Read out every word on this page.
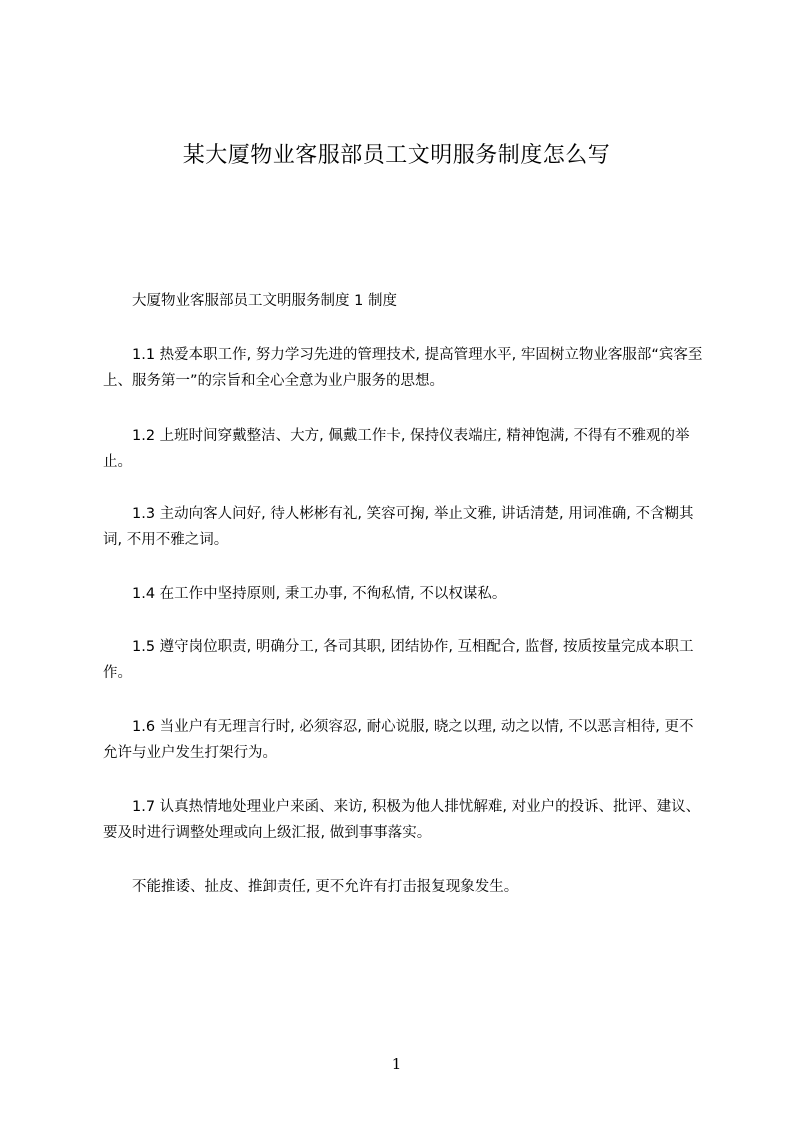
某大厦物业客服部员工文明服务制度怎么写
　　大厦物业客服部员工文明服务制度 1 制度
　　1.1 热爱本职工作, 努力学习先进的管理技术, 提高管理水平, 牢固树立物业客服部“宾客至上、服务第一”的宗旨和全心全意为业户服务的思想。
　　1.2 上班时间穿戴整洁、大方, 佩戴工作卡, 保持仪表端庄, 精神饱满, 不得有不雅观的举止。
　　1.3 主动向客人问好, 待人彬彬有礼, 笑容可掬, 举止文雅, 讲话清楚, 用词准确, 不含糊其词, 不用不雅之词。
　　1.4 在工作中坚持原则, 秉工办事, 不徇私情, 不以权谋私。
　　1.5 遵守岗位职责, 明确分工, 各司其职, 团结协作, 互相配合, 监督, 按质按量完成本职工作。
　　1.6 当业户有无理言行时, 必须容忍, 耐心说服, 晓之以理, 动之以情, 不以恶言相待, 更不允许与业户发生打架行为。
　　1.7 认真热情地处理业户来函、来访, 积极为他人排忧解难, 对业户的投诉、批评、建议、要及时进行调整处理或向上级汇报, 做到事事落实。
　　不能推诿、扯皮、推卸责任, 更不允许有打击报复现象发生。
1
